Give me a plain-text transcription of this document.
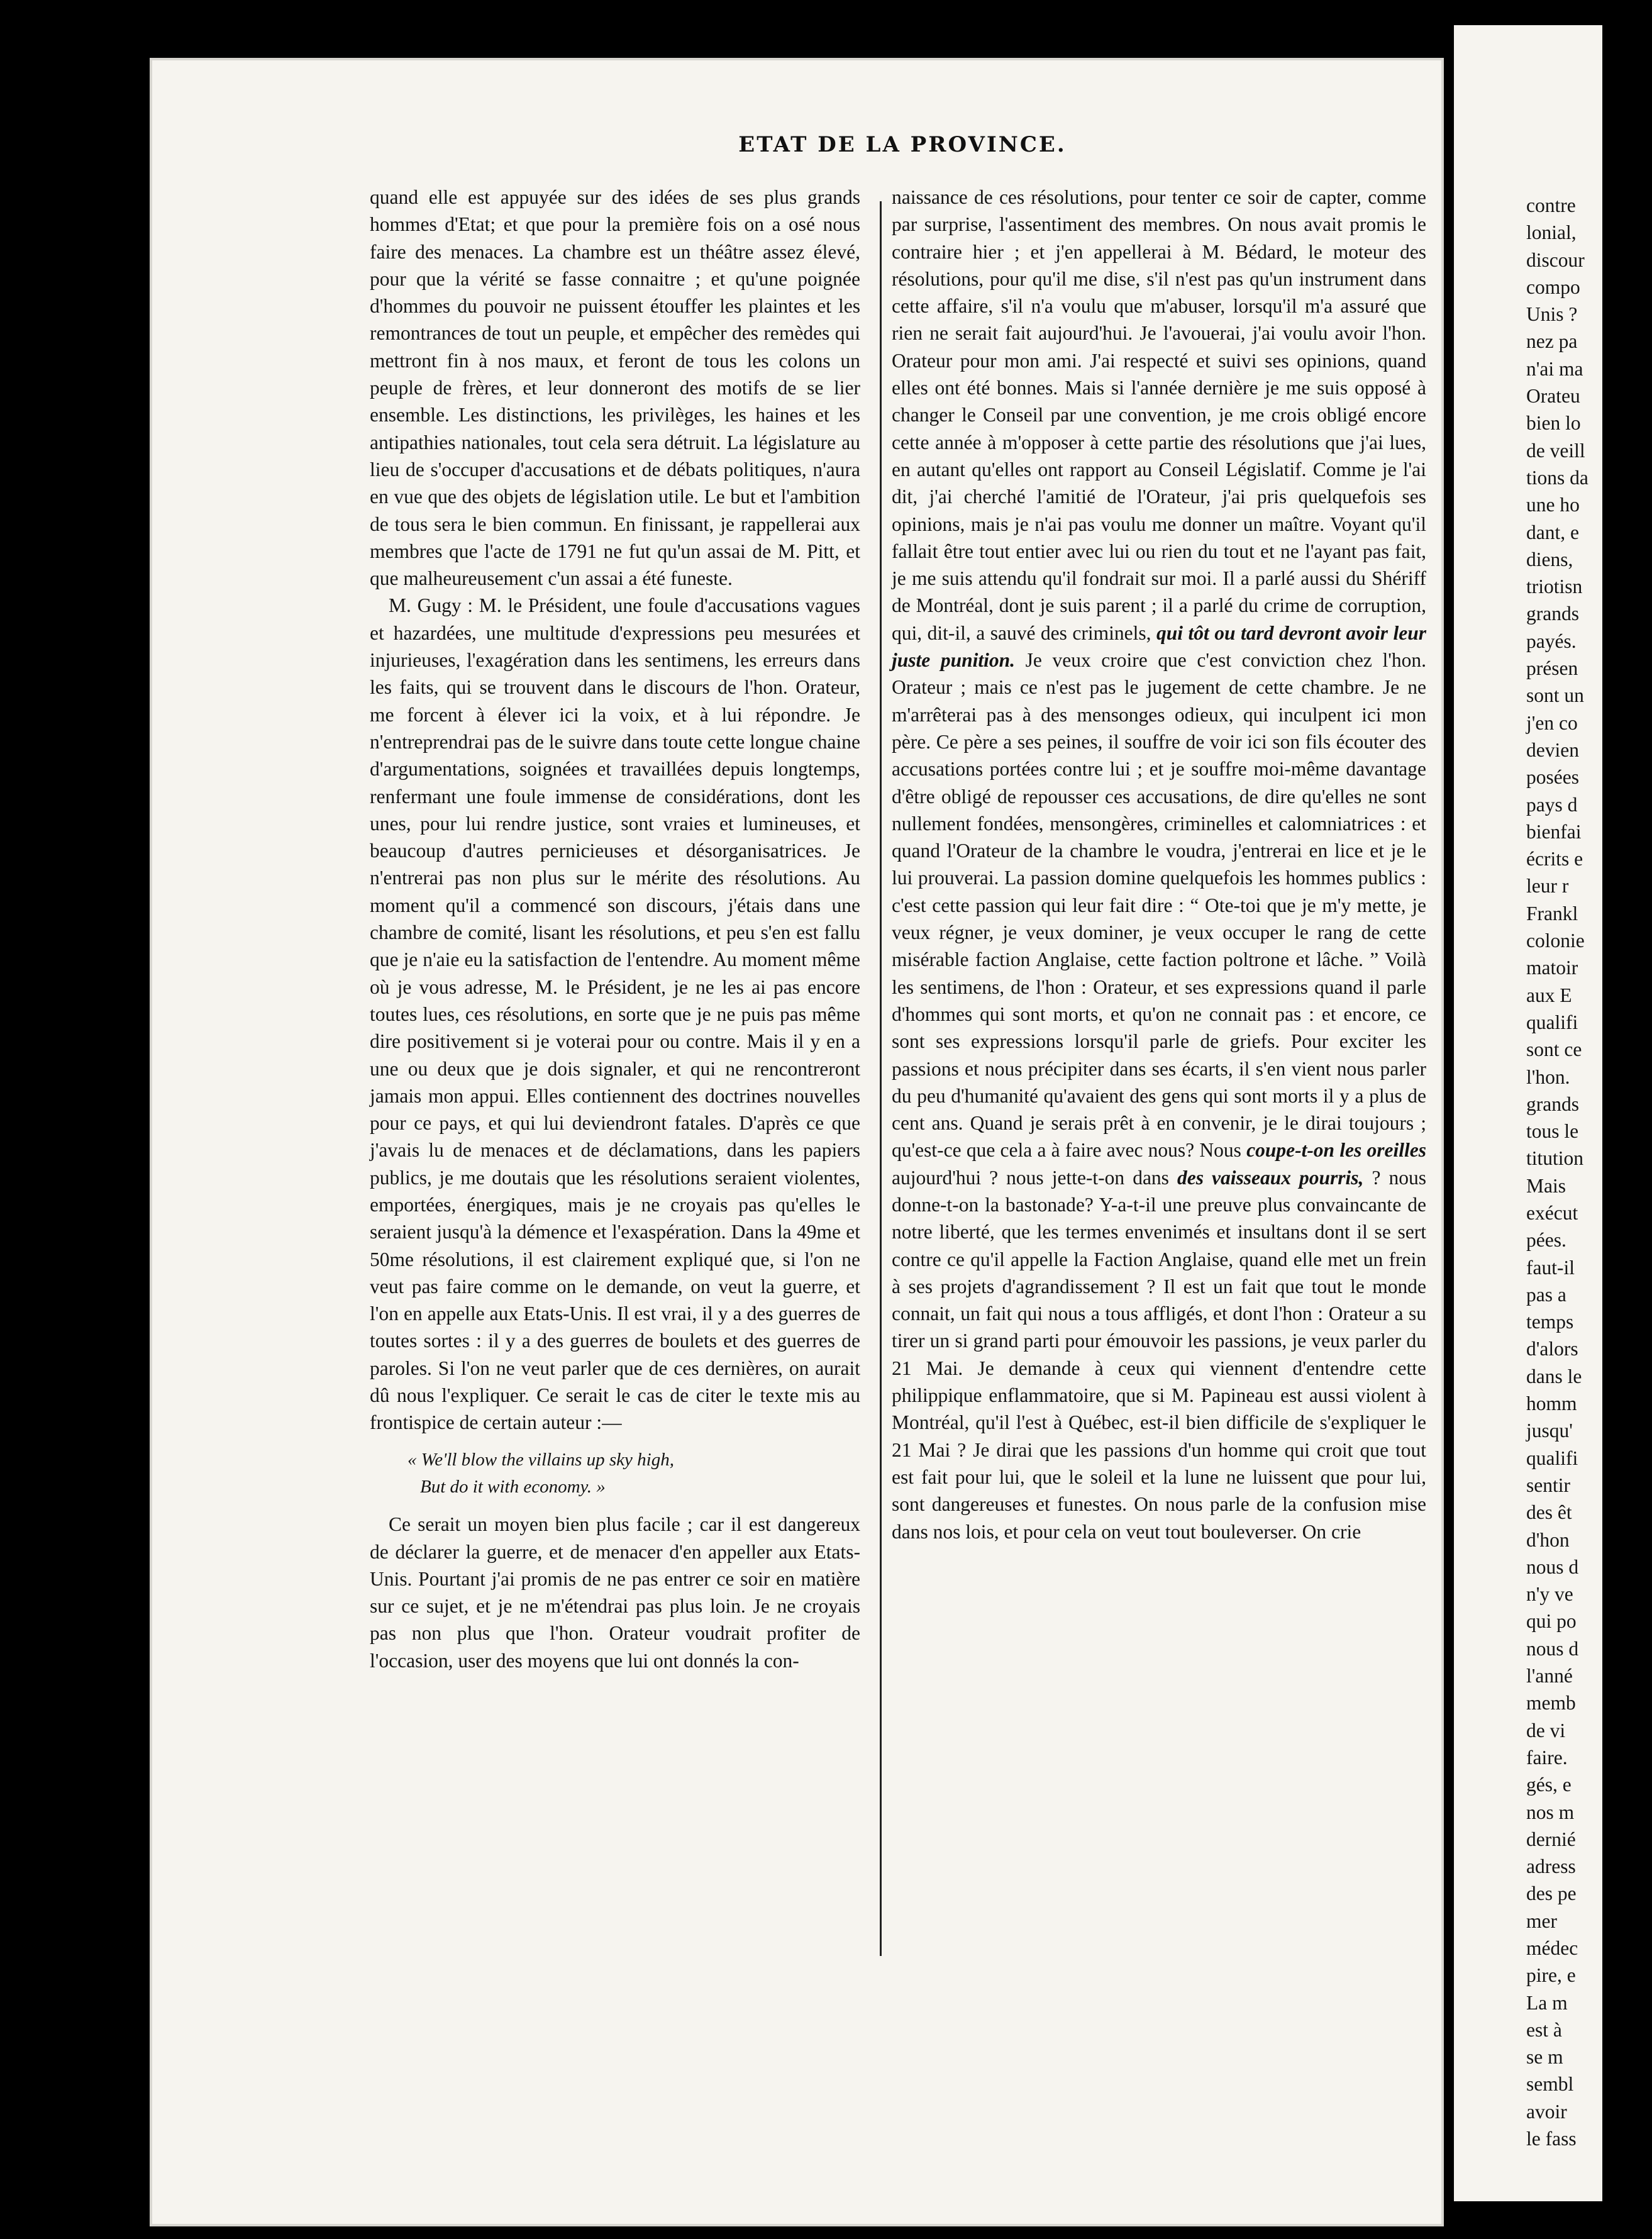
ETAT DE LA PROVINCE.

quand elle est appuyée sur des idées de ses plus grands hommes d'Etat; et que pour la première fois on a osé nous faire des menaces. La chambre est un théâtre assez élevé, pour que la vérité se fasse connaitre ; et qu'une poignée d'hommes du pouvoir ne puissent étouffer les plaintes et les remontrances de tout un peuple, et empêcher des remèdes qui mettront fin à nos maux, et feront de tous les colons un peuple de frères, et leur donneront des motifs de se lier ensemble. Les distinctions, les privilèges, les haines et les antipathies nationales, tout cela sera détruit. La législature au lieu de s'occuper d'accusations et de débats politiques, n'aura en vue que des objets de législation utile. Le but et l'ambition de tous sera le bien commun. En finissant, je rappellerai aux membres que l'acte de 1791 ne fut qu'un assai de M. Pitt, et que malheureusement c'un assai a été funeste.

M. Gugy : M. le Président, une foule d'accusations vagues et hazardées, une multitude d'expressions peu mesurées et injurieuses, l'exagération dans les sentimens, les erreurs dans les faits, qui se trouvent dans le discours de l'hon. Orateur, me forcent à élever ici la voix, et à lui répondre. Je n'entreprendrai pas de le suivre dans toute cette longue chaine d'argumentations, soignées et travaillées depuis longtemps, renfermant une foule immense de considérations, dont les unes, pour lui rendre justice, sont vraies et lumineuses, et beaucoup d'autres pernicieuses et désorganisatrices. Je n'entrerai pas non plus sur le mérite des résolutions. Au moment qu'il a commencé son discours, j'étais dans une chambre de comité, lisant les résolutions, et peu s'en est fallu que je n'aie eu la satisfaction de l'entendre. Au moment même où je vous adresse, M. le Président, je ne les ai pas encore toutes lues, ces résolutions, en sorte que je ne puis pas même dire positivement si je voterai pour ou contre. Mais il y en a une ou deux que je dois signaler, et qui ne rencontreront jamais mon appui. Elles contiennent des doctrines nouvelles pour ce pays, et qui lui deviendront fatales. D'après ce que j'avais lu de menaces et de déclamations, dans les papiers publics, je me doutais que les résolutions seraient violentes, emportées, énergiques, mais je ne croyais pas qu'elles le seraient jusqu'à la démence et l'exaspération. Dans la 49me et 50me résolutions, il est clairement expliqué que, si l'on ne veut pas faire comme on le demande, on veut la guerre, et l'on en appelle aux Etats-Unis. Il est vrai, il y a des guerres de toutes sortes : il y a des guerres de boulets et des guerres de paroles. Si l'on ne veut parler que de ces dernières, on aurait dû nous l'expliquer. Ce serait le cas de citer le texte mis au frontispice de certain auteur :—

« We'll blow the villains up sky high,
But do it with economy. »

Ce serait un moyen bien plus facile ; car il est dangereux de déclarer la guerre, et de menacer d'en appeller aux Etats-Unis. Pourtant j'ai promis de ne pas entrer ce soir en matière sur ce sujet, et je ne m'étendrai pas plus loin. Je ne croyais pas non plus que l'hon. Orateur voudrait profiter de l'occasion, user des moyens que lui ont donnés la con-

naissance de ces résolutions, pour tenter ce soir de capter, comme par surprise, l'assentiment des membres. On nous avait promis le contraire hier ; et j'en appellerai à M. Bédard, le moteur des résolutions, pour qu'il me dise, s'il n'est pas qu'un instrument dans cette affaire, s'il n'a voulu que m'abuser, lorsqu'il m'a assuré que rien ne serait fait aujourd'hui. Je l'avouerai, j'ai voulu avoir l'hon. Orateur pour mon ami. J'ai respecté et suivi ses opinions, quand elles ont été bonnes. Mais si l'année dernière je me suis opposé à changer le Conseil par une convention, je me crois obligé encore cette année à m'opposer à cette partie des résolutions que j'ai lues, en autant qu'elles ont rapport au Conseil Législatif. Comme je l'ai dit, j'ai cherché l'amitié de l'Orateur, j'ai pris quelquefois ses opinions, mais je n'ai pas voulu me donner un maître. Voyant qu'il fallait être tout entier avec lui ou rien du tout et ne l'ayant pas fait, je me suis attendu qu'il fondrait sur moi. Il a parlé aussi du Shériff de Montréal, dont je suis parent ; il a parlé du crime de corruption, qui, dit-il, a sauvé des criminels, qui tôt ou tard devront avoir leur juste punition. Je veux croire que c'est conviction chez l'hon. Orateur ; mais ce n'est pas le jugement de cette chambre. Je ne m'arrêterai pas à des mensonges odieux, qui inculpent ici mon père. Ce père a ses peines, il souffre de voir ici son fils écouter des accusations portées contre lui ; et je souffre moi-même davantage d'être obligé de repousser ces accusations, de dire qu'elles ne sont nullement fondées, mensongères, criminelles et calomniatrices : et quand l'Orateur de la chambre le voudra, j'entrerai en lice et je le lui prouverai. La passion domine quelquefois les hommes publics : c'est cette passion qui leur fait dire : “ Ote-toi que je m'y mette, je veux régner, je veux dominer, je veux occuper le rang de cette misérable faction Anglaise, cette faction poltrone et lâche. ” Voilà les sentimens, de l'hon : Orateur, et ses expressions quand il parle d'hommes qui sont morts, et qu'on ne connait pas : et encore, ce sont ses expressions lorsqu'il parle de griefs. Pour exciter les passions et nous précipiter dans ses écarts, il s'en vient nous parler du peu d'humanité qu'avaient des gens qui sont morts il y a plus de cent ans. Quand je serais prêt à en convenir, je le dirai toujours ; qu'est-ce que cela a à faire avec nous? Nous coupe-t-on les oreilles aujourd'hui ? nous jette-t-on dans des vaisseaux pourris, ? nous donne-t-on la bastonade? Y-a-t-il une preuve plus convaincante de notre liberté, que les termes envenimés et insultans dont il se sert contre ce qu'il appelle la Faction Anglaise, quand elle met un frein à ses projets d'agrandissement ? Il est un fait que tout le monde connait, un fait qui nous a tous affligés, et dont l'hon : Orateur a su tirer un si grand parti pour émouvoir les passions, je veux parler du 21 Mai. Je demande à ceux qui viennent d'entendre cette philippique enflammatoire, que si M. Papineau est aussi violent à Montréal, qu'il l'est à Québec, est-il bien difficile de s'expliquer le 21 Mai ? Je dirai que les passions d'un homme qui croit que tout est fait pour lui, que le soleil et la lune ne luissent que pour lui, sont dangereuses et funestes. On nous parle de la confusion mise dans nos lois, et pour cela on veut tout bouleverser. On crie

contre
lonial,
discour
compo
Unis ?
nez pa
n'ai ma
Orateu
bien lo
de veill
tions da
une ho
dant, e
diens,
triotisn
grands
payés.
présen
sont un
j'en co
devien
posées
pays d
bienfai
écrits e
leur r
Frankl
colonie
matoir
aux E
qualifi
sont ce
l'hon.
grands
tous le
titution
Mais
exécut
pées.
faut-il
pas a
temps
d'alors
dans le
homm
jusqu'
qualifi
sentir
des êt
d'hon
nous d
n'y ve
qui po
nous d
l'anné
memb
de vi
faire.
gés, e
nos m
dernié
adress
des pe
mer
médec
pire, e
La m
est à
se m
sembl
avoir
le fass
